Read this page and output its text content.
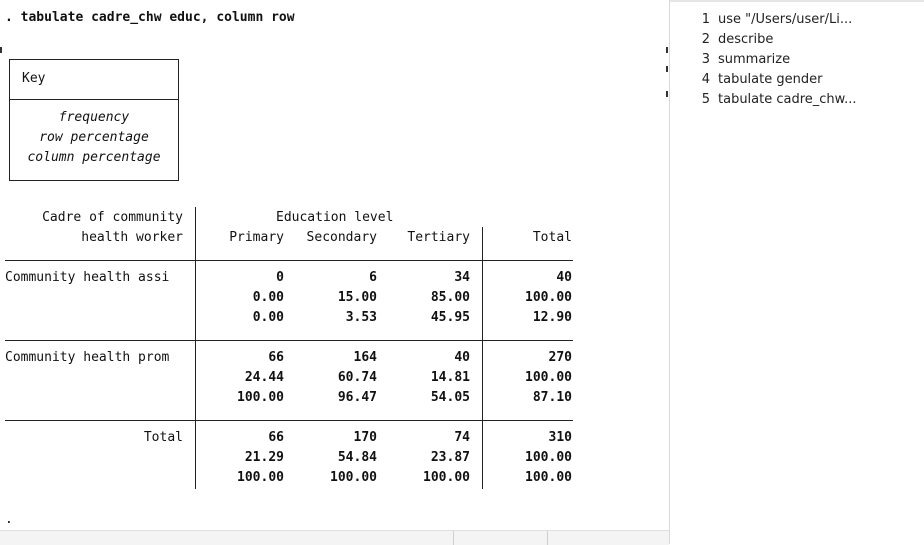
. tabulate cadre_chw educ, column row
Key
frequency
row percentage
column percentage
Cadre of community
health worker
Education level
Primary	Secondary	Tertiary	Total
Community health assi	0	6	34	40
0.00	15.00	85.00	100.00
0.00	3.53	45.95	12.90
Community health prom	66	164	40	270
24.44	60.74	14.81	100.00
100.00	96.47	54.05	87.10
Total	66	170	74	310
21.29	54.84	23.87	100.00
100.00	100.00	100.00	100.00
.
1 use "/Users/user/Li...
2 describe
3 summarize
4 tabulate gender
5 tabulate cadre_chw...
